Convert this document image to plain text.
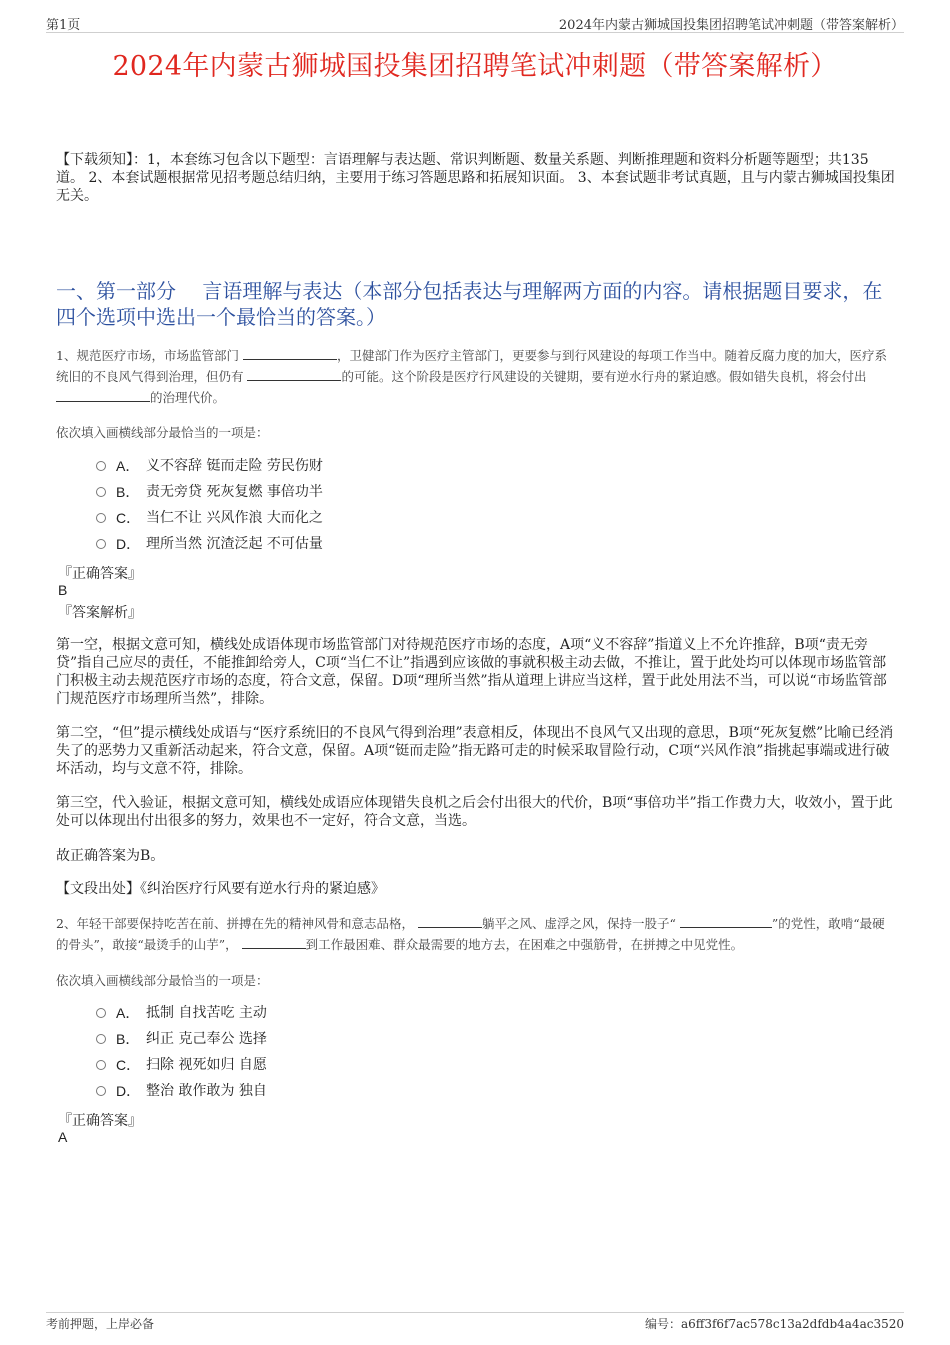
第1页	2024年内蒙古狮城国投集团招聘笔试冲刺题（带答案解析）
2024年内蒙古狮城国投集团招聘笔试冲刺题（带答案解析）
【下载须知】：1，本套练习包含以下题型：言语理解与表达题、常识判断题、数量关系题、判断推理题和资料分析题等题型；共135道。 2、本套试题根据常见招考题总结归纳，主要用于练习答题思路和拓展知识面。 3、本套试题非考试真题，且与内蒙古狮城国投集团无关。
一、第一部分　 言语理解与表达（本部分包括表达与理解两方面的内容。请根据题目要求，在四个选项中选出一个最恰当的答案。）
1、规范医疗市场，市场监管部门	，卫健部门作为医疗主管部门，更要参与到行风建设的每项工作当中。随着反腐力度的加大，医疗系统旧的不良风气得到治理，但仍有	的可能。这个阶段是医疗行风建设的关键期，要有逆水行舟的紧迫感。假如错失良机，将会付出 的治理代价。
依次填入画横线部分最恰当的一项是：
A． 义不容辞 铤而走险 劳民伤财
B． 责无旁贷 死灰复燃 事倍功半
C． 当仁不让 兴风作浪 大而化之
D． 理所当然 沉渣泛起 不可估量
『正确答案』
B
『答案解析』
第一空，根据文意可知，横线处成语体现市场监管部门对待规范医疗市场的态度，A项“义不容辞”指道义上不允许推辞，B项“责无旁贷”指自己应尽的责任，不能推卸给旁人，C项“当仁不让”指遇到应该做的事就积极主动去做，不推让，置于此处均可以体现市场监管部门积极主动去规范医疗市场的态度，符合文意，保留。D项“理所当然”指从道理上讲应当这样，置于此处用法不当，可以说“市场监管部门规范医疗市场理所当然”，排除。
第二空，“但”提示横线处成语与“医疗系统旧的不良风气得到治理”表意相反，体现出不良风气又出现的意思，B项“死灰复燃”比喻已经消失了的恶势力又重新活动起来，符合文意，保留。A项“铤而走险”指无路可走的时候采取冒险行动，C项“兴风作浪”指挑起事端或进行破坏活动，均与文意不符，排除。
第三空，代入验证，根据文意可知，横线处成语应体现错失良机之后会付出很大的代价，B项“事倍功半”指工作费力大，收效小，置于此处可以体现出付出很多的努力，效果也不一定好，符合文意，当选。
故正确答案为B。
【文段出处】《纠治医疗行风要有逆水行舟的紧迫感》
2、年轻干部要保持吃苦在前、拼搏在先的精神风骨和意志品格，	躺平之风、虚浮之风，保持一股子“	”的党性，敢啃“最硬的骨头”，敢接“最烫手的山芋”，	到工作最困难、群众最需要的地方去，在困难之中强筋骨，在拼搏之中见党性。
依次填入画横线部分最恰当的一项是：
A． 抵制 自找苦吃 主动
B． 纠正 克己奉公 选择
C． 扫除 视死如归 自愿
D． 整治 敢作敢为 独自
『正确答案』
A
考前押题，上岸必备	编号：a6ff3f6f7ac578c13a2dfdb4a4ac3520
